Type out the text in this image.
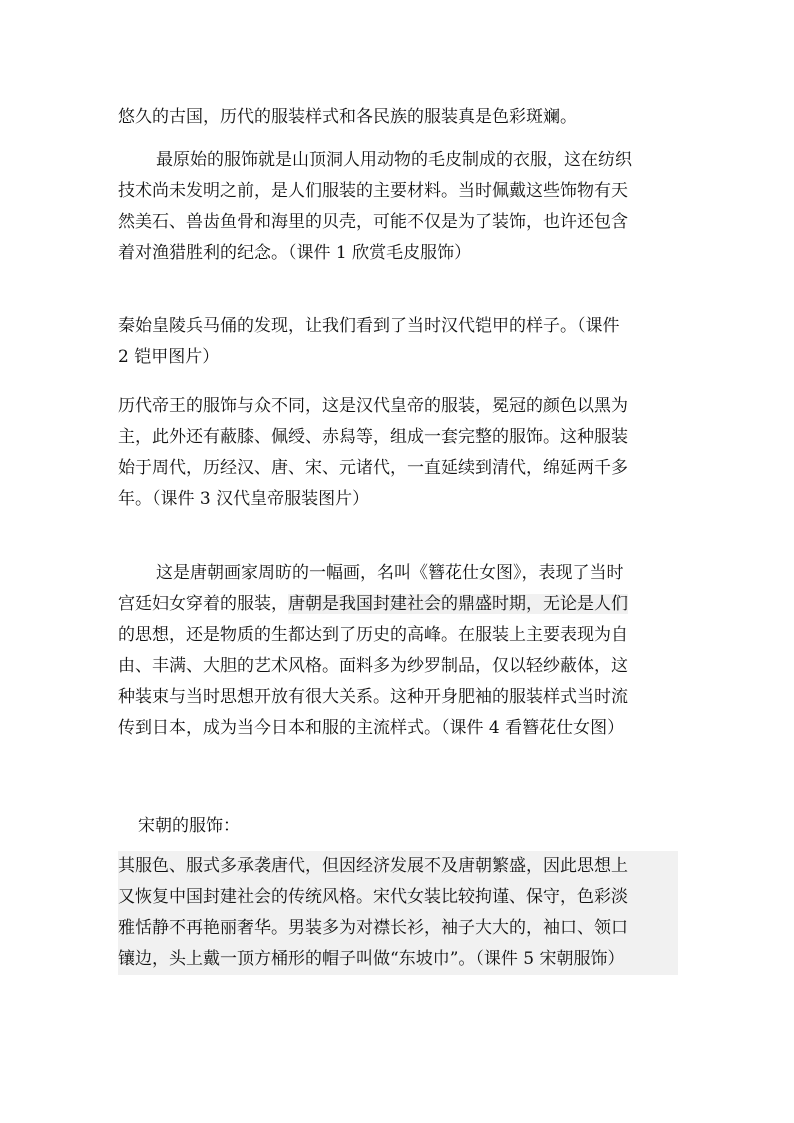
悠久的古国，历代的服装样式和各民族的服装真是色彩斑斓。
最原始的服饰就是山顶洞人用动物的毛皮制成的衣服，这在纺织
技术尚未发明之前，是人们服装的主要材料。当时佩戴这些饰物有天
然美石、兽齿鱼骨和海里的贝壳，可能不仅是为了装饰，也许还包含
着对渔猎胜利的纪念。（课件 1 欣赏毛皮服饰）
秦始皇陵兵马俑的发现，让我们看到了当时汉代铠甲的样子。（课件
2 铠甲图片）
历代帝王的服饰与众不同，这是汉代皇帝的服装，冕冠的颜色以黑为
主，此外还有蔽膝、佩绶、赤舄等，组成一套完整的服饰。这种服装
始于周代，历经汉、唐、宋、元诸代，一直延续到清代，绵延两千多
年。（课件 3 汉代皇帝服装图片）
这是唐朝画家周昉的一幅画，名叫《簪花仕女图》，表现了当时
宫廷妇女穿着的服装，唐朝是我国封建社会的鼎盛时期，无论是人们
的思想，还是物质的生都达到了历史的高峰。在服装上主要表现为自
由、丰满、大胆的艺术风格。面料多为纱罗制品，仅以轻纱蔽体，这
种装束与当时思想开放有很大关系。这种开身肥袖的服装样式当时流
传到日本，成为当今日本和服的主流样式。（课件 4 看簪花仕女图）
宋朝的服饰：
其服色、服式多承袭唐代，但因经济发展不及唐朝繁盛，因此思想上
又恢复中国封建社会的传统风格。宋代女装比较拘谨、保守，色彩淡
雅恬静不再艳丽奢华。男装多为对襟长衫，袖子大大的，袖口、领口
镶边，头上戴一顶方桶形的帽子叫做“东坡巾”。（课件 5 宋朝服饰）
